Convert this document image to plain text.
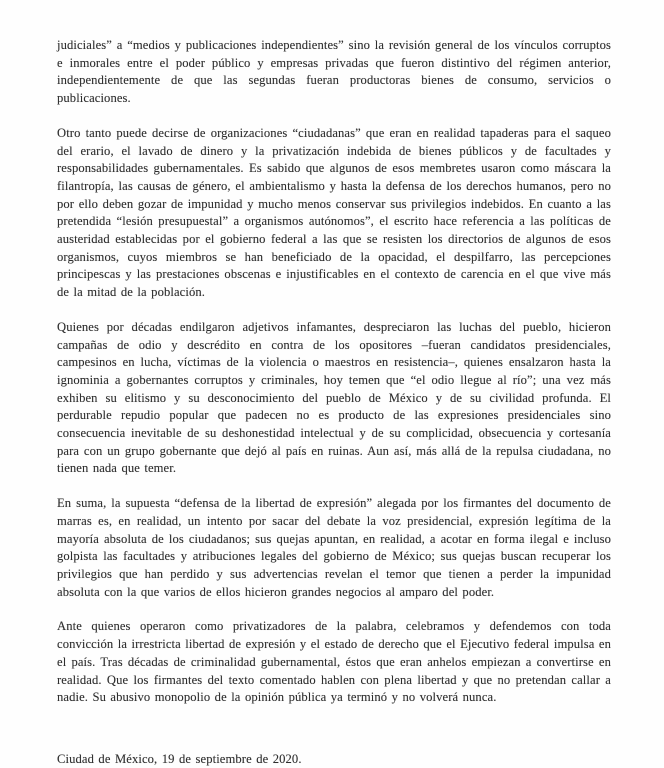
judiciales” a “medios y publicaciones independientes” sino la revisión general de los vínculos corruptos e inmorales entre el poder público y empresas privadas que fueron distintivo del régimen anterior, independientemente de que las segundas fueran productoras bienes de consumo, servicios o publicaciones.

Otro tanto puede decirse de organizaciones “ciudadanas” que eran en realidad tapaderas para el saqueo del erario, el lavado de dinero y la privatización indebida de bienes públicos y de facultades y responsabilidades gubernamentales. Es sabido que algunos de esos membretes usaron como máscara la filantropía, las causas de género, el ambientalismo y hasta la defensa de los derechos humanos, pero no por ello deben gozar de impunidad y mucho menos conservar sus privilegios indebidos. En cuanto a las pretendida “lesión presupuestal” a organismos autónomos”, el escrito hace referencia a las políticas de austeridad establecidas por el gobierno federal a las que se resisten los directorios de algunos de esos organismos, cuyos miembros se han beneficiado de la opacidad, el despilfarro, las percepciones principescas y las prestaciones obscenas e injustificables en el contexto de carencia en el que vive más de la mitad de la población.

Quienes por décadas endilgaron adjetivos infamantes, despreciaron las luchas del pueblo, hicieron campañas de odio y descrédito en contra de los opositores –fueran candidatos presidenciales, campesinos en lucha, víctimas de la violencia o maestros en resistencia–, quienes ensalzaron hasta la ignominia a gobernantes corruptos y criminales, hoy temen que “el odio llegue al río”; una vez más exhiben su elitismo y su desconocimiento del pueblo de México y de su civilidad profunda. El perdurable repudio popular que padecen no es producto de las expresiones presidenciales sino consecuencia inevitable de su deshonestidad intelectual y de su complicidad, obsecuencia y cortesanía para con un grupo gobernante que dejó al país en ruinas. Aun así, más allá de la repulsa ciudadana, no tienen nada que temer.

En suma, la supuesta “defensa de la libertad de expresión” alegada por los firmantes del documento de marras es, en realidad, un intento por sacar del debate la voz presidencial, expresión legítima de la mayoría absoluta de los ciudadanos; sus quejas apuntan, en realidad, a acotar en forma ilegal e incluso golpista las facultades y atribuciones legales del gobierno de México; sus quejas buscan recuperar los privilegios que han perdido y sus advertencias revelan el temor que tienen a perder la impunidad absoluta con la que varios de ellos hicieron grandes negocios al amparo del poder.

Ante quienes operaron como privatizadores de la palabra, celebramos y defendemos con toda convicción la irrestricta libertad de expresión y el estado de derecho que el Ejecutivo federal impulsa en el país. Tras décadas de criminalidad gubernamental, éstos que eran anhelos empiezan a convertirse en realidad. Que los firmantes del texto comentado hablen con plena libertad y que no pretendan callar a nadie. Su abusivo monopolio de la opinión pública ya terminó y no volverá nunca.

Ciudad de México, 19 de septiembre de 2020.
